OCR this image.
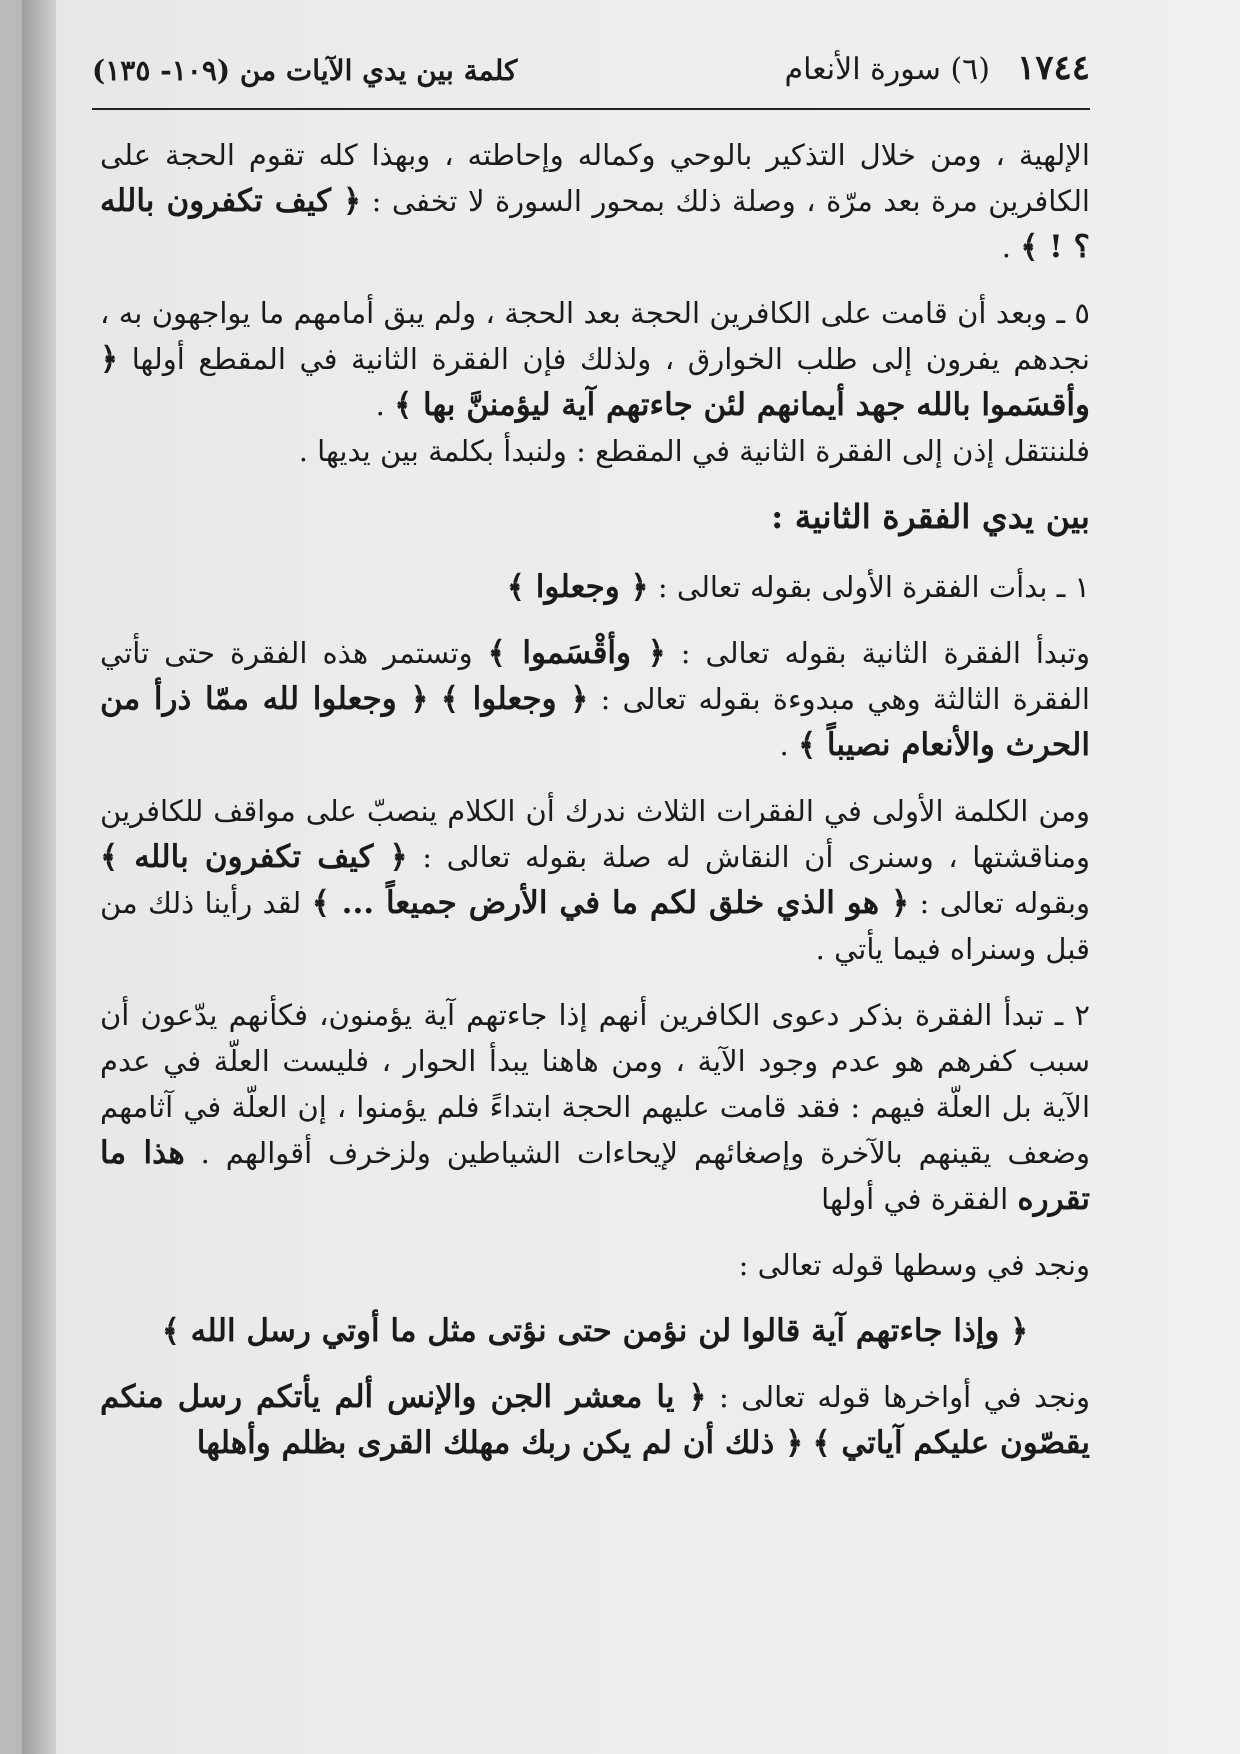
١٧٤٤
(٦) سورة الأنعام
كلمة بين يدي الآيات من (١٠٩- ١٣٥)

الإلهية ، ومن خلال التذكير بالوحي وكماله وإحاطته ، وبهذا كله تقوم الحجة على الكافرين مرة بعد مرّة ، وصلة ذلك بمحور السورة لا تخفى : ﴿ كيف تكفرون بالله ؟ ! ﴾ .

٥ ـ وبعد أن قامت على الكافرين الحجة بعد الحجة ، ولم يبق أمامهم ما يواجهون به ، نجدهم يفرون إلى طلب الخوارق ، ولذلك فإن الفقرة الثانية في المقطع أولها ﴿ وأقسَموا بالله جهد أيمانهم لئن جاءتهم آية ليؤمننَّ بها ﴾ .
فلننتقل إذن إلى الفقرة الثانية في المقطع : ولنبدأ بكلمة بين يديها .

بين يدي الفقرة الثانية :

١ ـ بدأت الفقرة الأولى بقوله تعالى : ﴿ وجعلوا ﴾

وتبدأ الفقرة الثانية بقوله تعالى : ﴿ وأقْسَموا ﴾ وتستمر هذه الفقرة حتى تأتي الفقرة الثالثة وهي مبدوءة بقوله تعالى : ﴿ وجعلوا ﴾ ﴿ وجعلوا لله ممّا ذرأ من الحرث والأنعام نصيباً ﴾ .

ومن الكلمة الأولى في الفقرات الثلاث ندرك أن الكلام ينصبّ على مواقف للكافرين ومناقشتها ، وسنرى أن النقاش له صلة بقوله تعالى : ﴿ كيف تكفرون بالله ﴾ وبقوله تعالى : ﴿ هو الذي خلق لكم ما في الأرض جميعاً ... ﴾ لقد رأينا ذلك من قبل وسنراه فيما يأتي .

٢ ـ تبدأ الفقرة بذكر دعوى الكافرين أنهم إذا جاءتهم آية يؤمنون، فكأنهم يدّعون أن سبب كفرهم هو عدم وجود الآية ، ومن هاهنا يبدأ الحوار ، فليست العلّة في عدم الآية بل العلّة فيهم : فقد قامت عليهم الحجة ابتداءً فلم يؤمنوا ، إن العلّة في آثامهم وضعف يقينهم بالآخرة وإصغائهم لإيحاءات الشياطين ولزخرف أقوالهم . هذا ما تقرره الفقرة في أولها

ونجد في وسطها قوله تعالى :

﴿ وإذا جاءتهم آية قالوا لن نؤمن حتى نؤتى مثل ما أوتي رسل الله ﴾

ونجد في أواخرها قوله تعالى : ﴿ يا معشر الجن والإنس ألم يأتكم رسل منكم يقصّون عليكم آياتي ﴾ ﴿ ذلك أن لم يكن ربك مهلك القرى بظلم وأهلها
